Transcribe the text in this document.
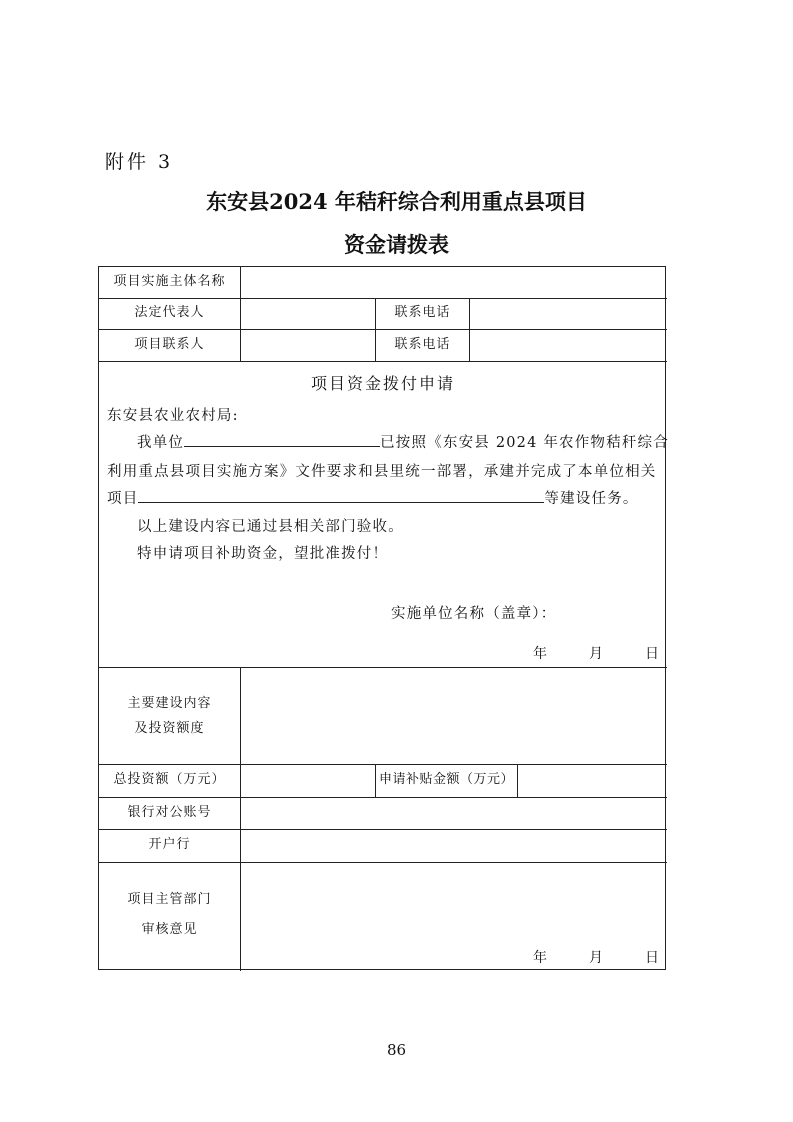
附件 3
东安县2024 年秸秆综合利用重点县项目
资金请拨表
项目实施主体名称
法定代表人	联系电话
项目联系人	联系电话
项目资金拨付申请
东安县农业农村局:
我单位	已按照《东安县 2024 年农作物秸秆综合
利用重点县项目实施方案》文件要求和县里统一部署，承建并完成了本单位相关
项目	等建设任务。
以上建设内容已通过县相关部门验收。
特申请项目补助资金，望批准拨付！
实施单位名称（盖章）：
年	月	日
主要建设内容
及投资额度
总投资额（万元）	申请补贴金额（万元）
银行对公账号
开户行
项目主管部门
审核意见
年	月	日
86
